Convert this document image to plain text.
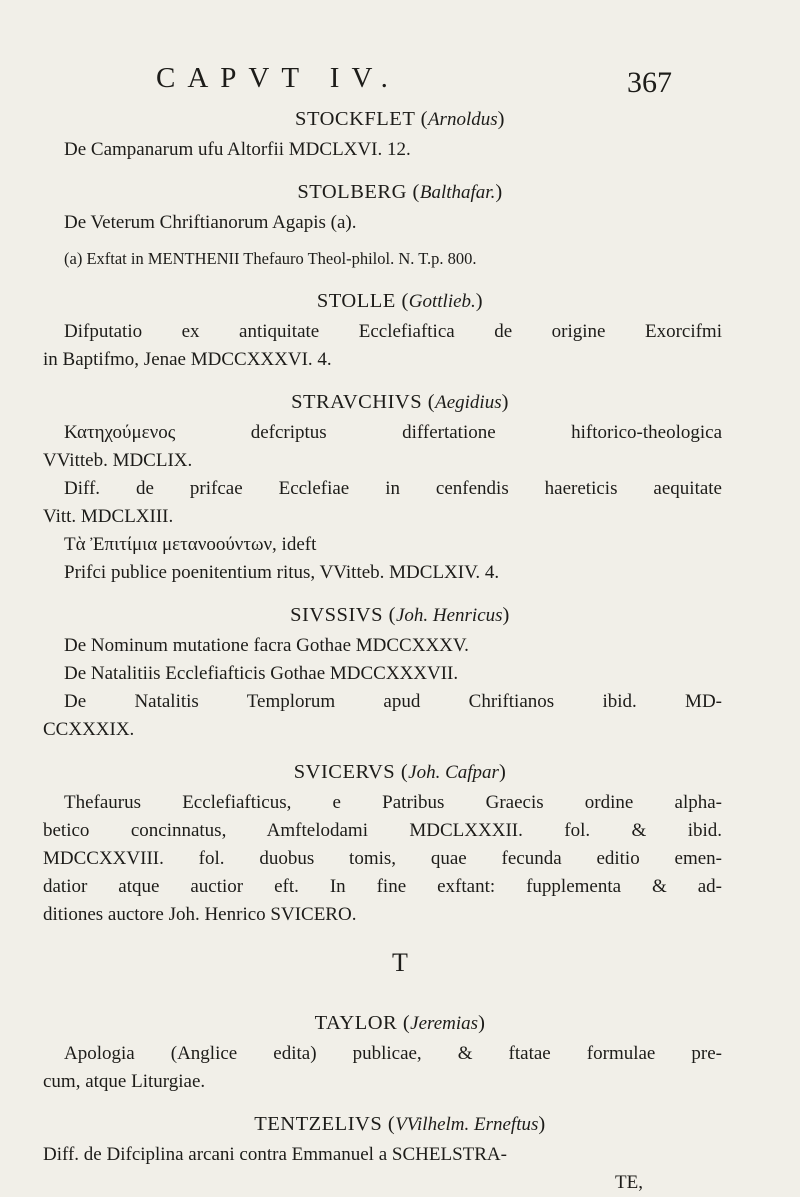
CAPVT IV.	367
STOCKFLET (Arnoldus)
De Campanarum ufu Altorfii MDCLXVI. 12.
STOLBERG (Balthafar.)
De Veterum Chriftianorum Agapis (a).
(a) Exftat in MENTHENII Thefauro Theol-philol. N. T.p. 800.
STOLLE (Gottlieb.)
Difputatio ex antiquitate Ecclefiaftica de origine Exorcifmi
in Baptifmo, Jenae MDCCXXXVI. 4.
STRAVCHIVS (Aegidius)
Κατηχούμενος defcriptus differtatione hiftorico-theologica
VVitteb. MDCLIX.
Diff. de prifcae Ecclefiae in cenfendis haereticis aequitate
Vitt. MDCLXIII.
Τὰ Ἐπιτίμια μετανοούντων, ideft
Prifci publice poenitentium ritus, VVitteb. MDCLXIV. 4.
SIVSSIVS (Joh. Henricus)
De Nominum mutatione facra Gothae MDCCXXXV.
De Natalitiis Ecclefiafticis Gothae MDCCXXXVII.
De Natalitis Templorum apud Chriftianos ibid. MD-
CCXXXIX.
SVICERVS (Joh. Cafpar)
Thefaurus Ecclefiafticus, e Patribus Graecis ordine alpha-
betico concinnatus, Amftelodami MDCLXXXII. fol. & ibid.
MDCCXXVIII. fol. duobus tomis, quae fecunda editio emen-
datior atque auctior eft. In fine exftant: fupplementa & ad-
ditiones auctore Joh. Henrico SVICERO.
T
TAYLOR (Jeremias)
Apologia (Anglice edita) publicae, & ftatae formulae pre-
cum, atque Liturgiae.
TENTZELIVS (VVilhelm. Erneftus)
Diff. de Difciplina arcani contra Emmanuel a SCHELSTRA-
TE,
